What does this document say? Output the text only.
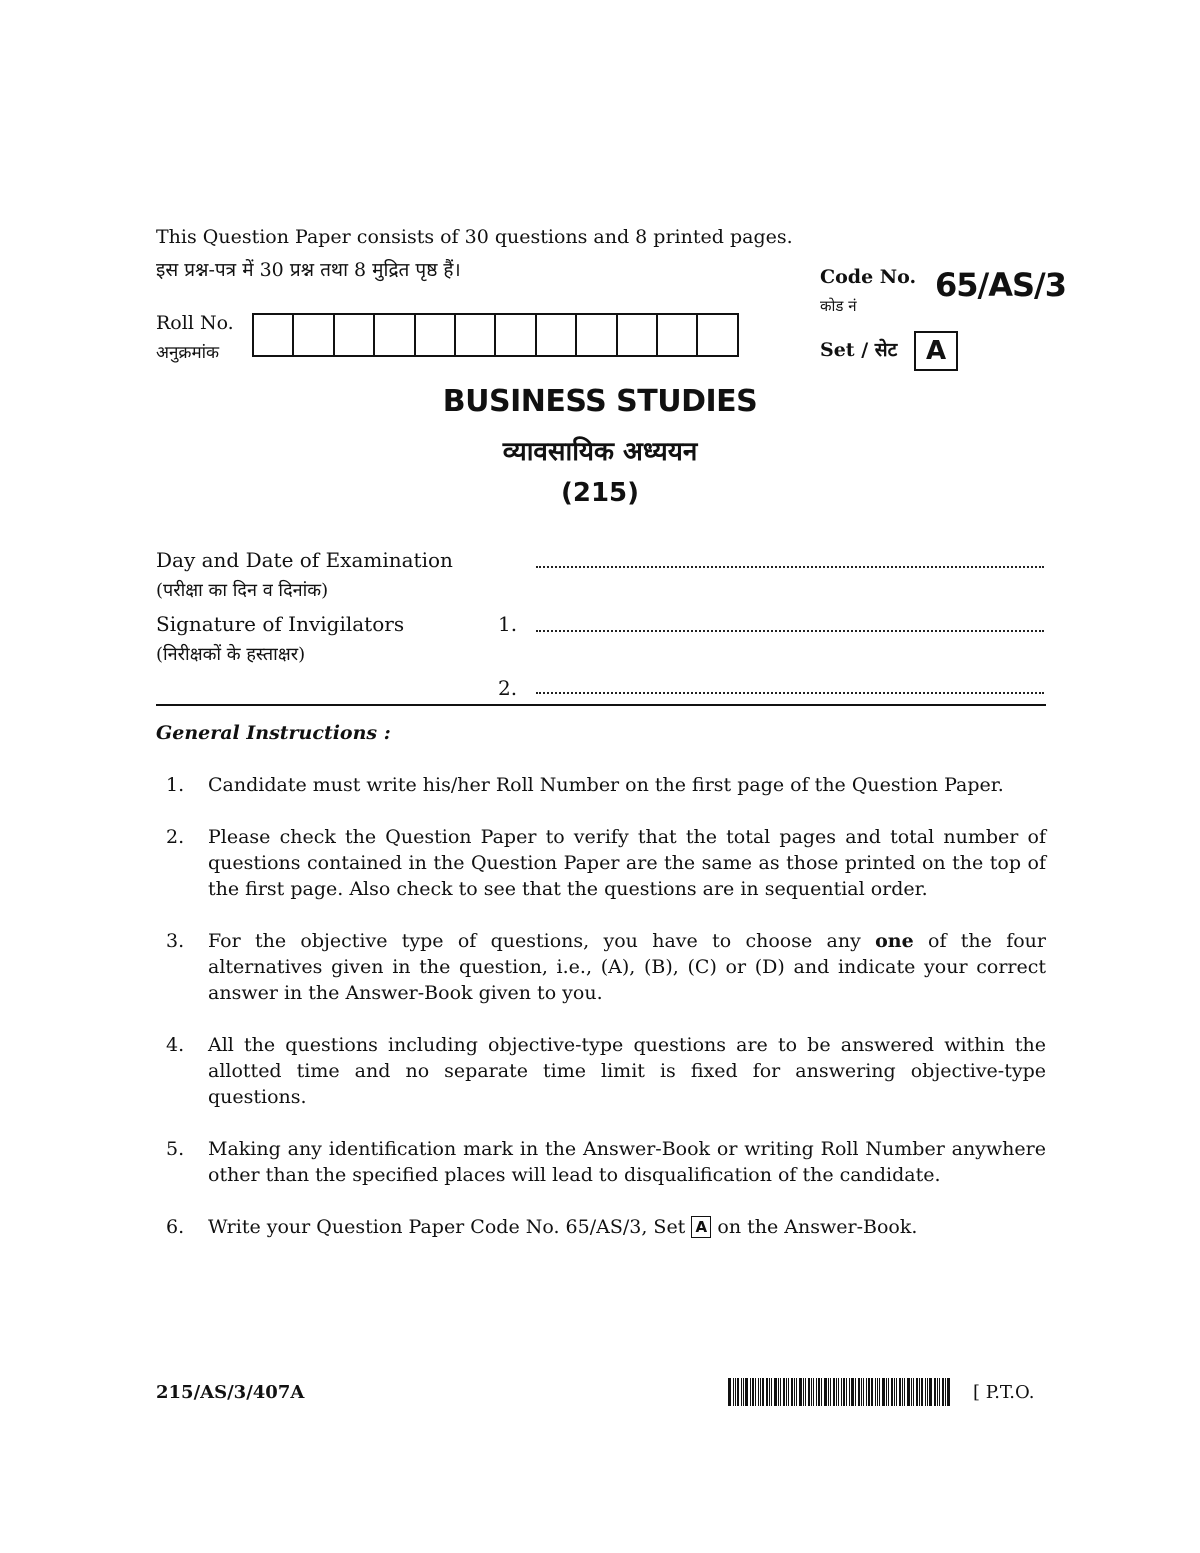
This Question Paper consists of 30 questions and 8 printed pages.
इस प्रश्न-पत्र में 30 प्रश्न तथा 8 मुद्रित पृष्ठ हैं।	Code No.
कोड नं
65/AS/3
Set / सेट	A
Roll No.
अनुक्रमांक
BUSINESS STUDIES
व्यावसायिक अध्ययन
(215)
Day and Date of Examination
(परीक्षा का दिन व दिनांक)
Signature of Invigilators
(निरीक्षकों के हस्ताक्षर)
1.
2.
General Instructions :
1.	Candidate must write his/her Roll Number on the first page of the Question Paper.
2.	Please check the Question Paper to verify that the total pages and total number of questions contained in the Question Paper are the same as those printed on the top of the first page. Also check to see that the questions are in sequential order.
3.	For the objective type of questions, you have to choose any one of the four alternatives given in the question, i.e., (A), (B), (C) or (D) and indicate your correct answer in the Answer-Book given to you.
4.	All the questions including objective-type questions are to be answered within the allotted time and no separate time limit is fixed for answering objective-type questions.
5.	Making any identification mark in the Answer-Book or writing Roll Number anywhere other than the specified places will lead to disqualification of the candidate.
6.	Write your Question Paper Code No. 65/AS/3, Set A on the Answer-Book.
215/AS/3/407A	[ P.T.O.
